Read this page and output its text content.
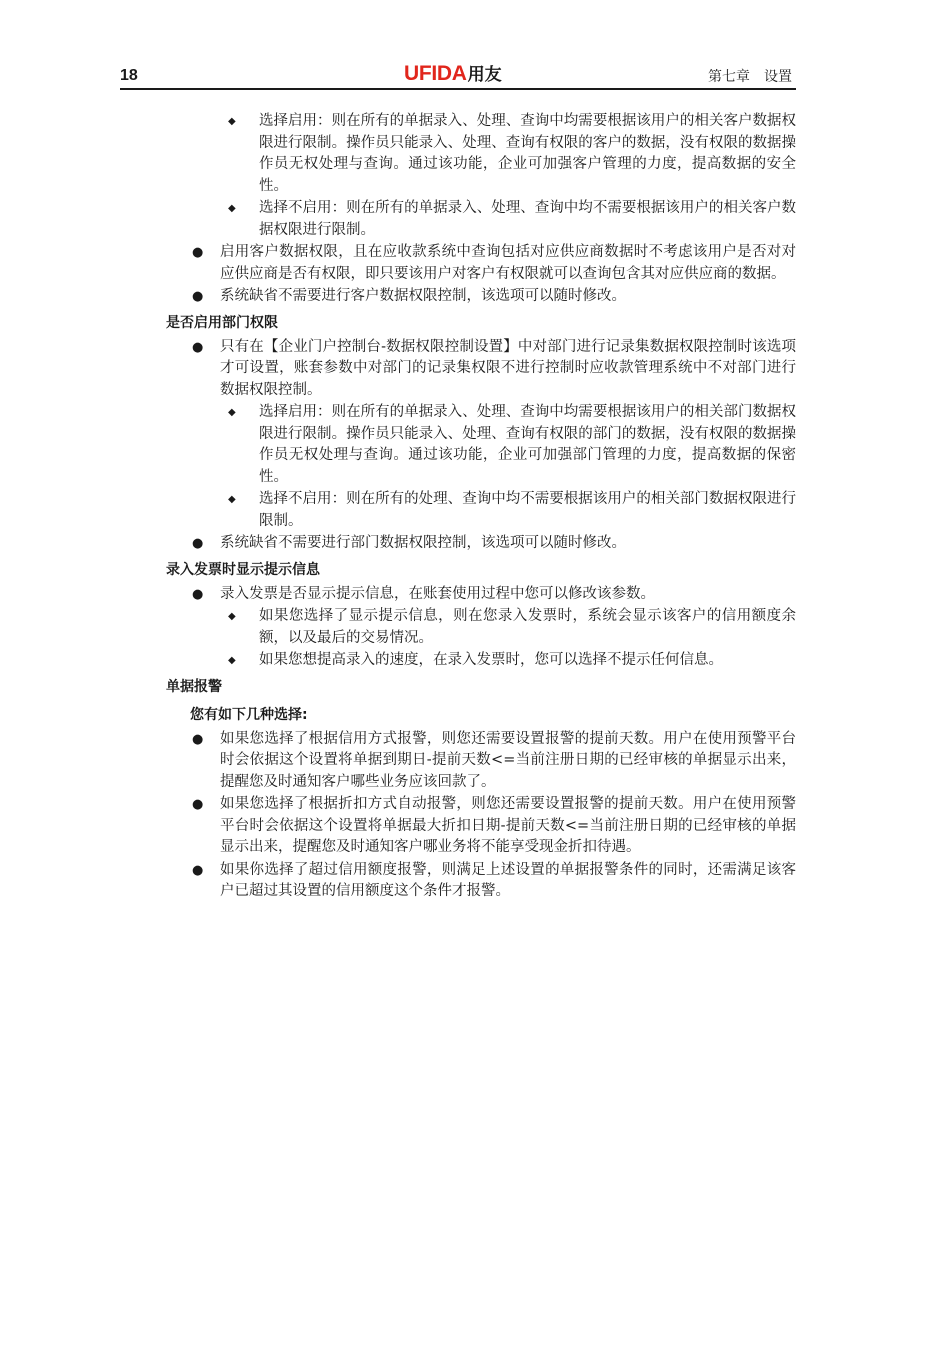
18	UFIDA用友	第七章　设置
◆ 选择启用：则在所有的单据录入、处理、查询中均需要根据该用户的相关客户数据权限进行限制。操作员只能录入、处理、查询有权限的客户的数据，没有权限的数据操作员无权处理与查询。通过该功能，企业可加强客户管理的力度，提高数据的安全性。
◆ 选择不启用：则在所有的单据录入、处理、查询中均不需要根据该用户的相关客户数据权限进行限制。
● 启用客户数据权限，且在应收款系统中查询包括对应供应商数据时不考虑该用户是否对对应供应商是否有权限，即只要该用户对客户有权限就可以查询包含其对应供应商的数据。
● 系统缺省不需要进行客户数据权限控制，该选项可以随时修改。
是否启用部门权限
● 只有在【企业门户控制台-数据权限控制设置】中对部门进行记录集数据权限控制时该选项才可设置，账套参数中对部门的记录集权限不进行控制时应收款管理系统中不对部门进行数据权限控制。
◆ 选择启用：则在所有的单据录入、处理、查询中均需要根据该用户的相关部门数据权限进行限制。操作员只能录入、处理、查询有权限的部门的数据，没有权限的数据操作员无权处理与查询。通过该功能，企业可加强部门管理的力度，提高数据的保密性。
◆ 选择不启用：则在所有的处理、查询中均不需要根据该用户的相关部门数据权限进行限制。
● 系统缺省不需要进行部门数据权限控制，该选项可以随时修改。
录入发票时显示提示信息
● 录入发票是否显示提示信息，在账套使用过程中您可以修改该参数。
◆ 如果您选择了显示提示信息，则在您录入发票时，系统会显示该客户的信用额度余额，以及最后的交易情况。
◆ 如果您想提高录入的速度，在录入发票时，您可以选择不提示任何信息。
单据报警
您有如下几种选择:
● 如果您选择了根据信用方式报警，则您还需要设置报警的提前天数。用户在使用预警平台时会依据这个设置将单据到期日-提前天数<=当前注册日期的已经审核的单据显示出来，提醒您及时通知客户哪些业务应该回款了。
● 如果您选择了根据折扣方式自动报警，则您还需要设置报警的提前天数。用户在使用预警平台时会依据这个设置将单据最大折扣日期-提前天数<=当前注册日期的已经审核的单据显示出来，提醒您及时通知客户哪业务将不能享受现金折扣待遇。
● 如果你选择了超过信用额度报警，则满足上述设置的单据报警条件的同时，还需满足该客户已超过其设置的信用额度这个条件才报警。
